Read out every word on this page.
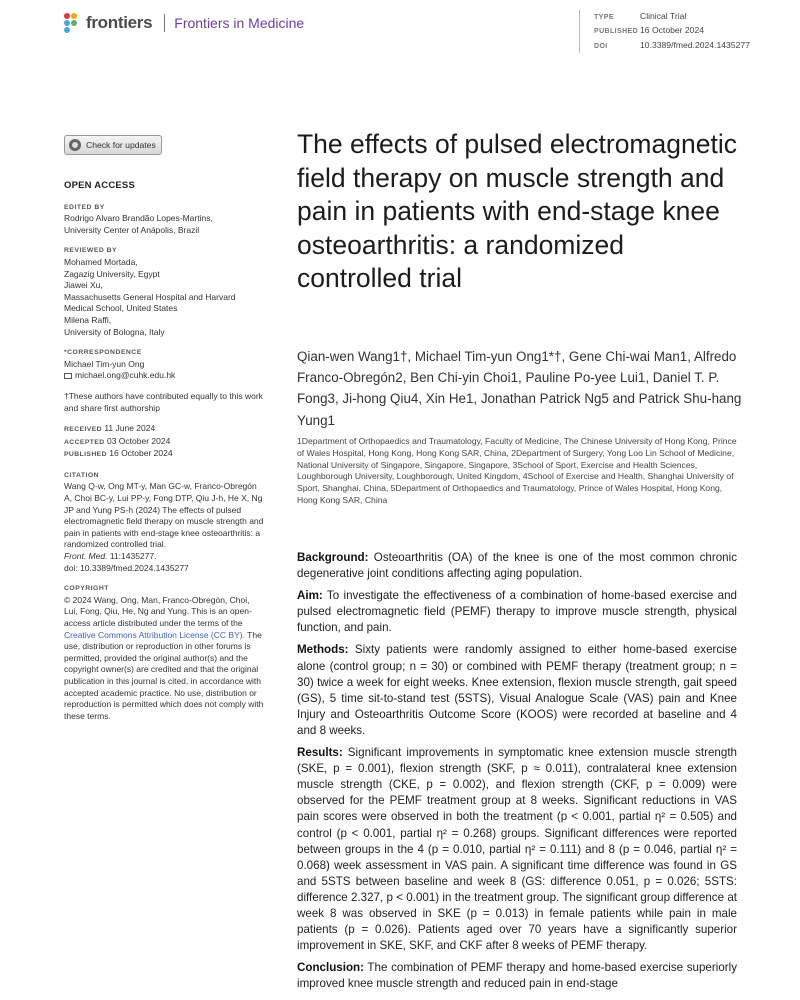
frontiers Frontiers in Medicine	TYPE	Clinical Trial
PUBLISHED 16 October 2024
DOI	10.3389/fmed.2024.1435277
Check for updates
OPEN ACCESS
EDITED BY

Rodrigo Alvaro Brandão Lopes-Martins,

University Center of Anápolis, Brazil

REVIEWED BY

Mohamed Mortada,

Zagazig University, Egypt

Jiawei Xu,

Massachusetts General Hospital and Harvard

Medical School, United States

Milena Raffi,

University of Bologna, Italy

*CORRESPONDENCE

Michael Tim-yun Ong

michael.ong@cuhk.edu.hk

†These authors have contributed equally to this work and share first authorship

RECEIVED 11 June 2024

ACCEPTED 03 October 2024

PUBLISHED 16 October 2024

CITATION

Wang Q-w, Ong MT-y, Man GC-w, Franco-Obregón A, Choi BC-y, Lui PP-y, Fong DTP, Qiu J-h, He X, Ng JP and Yung PS-h (2024) The effects of pulsed electromagnetic field therapy on muscle strength and pain in patients with end-stage knee osteoarthritis: a randomized controlled trial.

Front. Med. 11:1435277.

doi: 10.3389/fmed.2024.1435277

COPYRIGHT

© 2024 Wang, Ong, Man, Franco-Obregón, Choi, Lui, Fong, Qiu, He, Ng and Yung. This is an open-access article distributed under the terms of the Creative Commons Attribution License (CC BY). The use, distribution or reproduction in other forums is permitted, provided the original author(s) and the copyright owner(s) are credited and that the original publication in this journal is cited, in accordance with accepted academic practice. No use, distribution or reproduction is permitted which does not comply with these terms.

The effects of pulsed electromagnetic field therapy on muscle strength and pain in patients with end-stage knee osteoarthritis: a randomized controlled trial
Qian-wen Wang1†, Michael Tim-yun Ong1*†, Gene Chi-wai Man1, Alfredo Franco-Obregón2, Ben Chi-yin Choi1, Pauline Po-yee Lui1, Daniel T. P. Fong3, Ji-hong Qiu4, Xin He1, Jonathan Patrick Ng5 and Patrick Shu-hang Yung1
1Department of Orthopaedics and Traumatology, Faculty of Medicine, The Chinese University of Hong Kong, Prince of Wales Hospital, Hong Kong, Hong Kong SAR, China, 2Department of Surgery, Yong Loo Lin School of Medicine, National University of Singapore, Singapore, Singapore, 3School of Sport, Exercise and Health Sciences, Loughborough University, Loughborough, United Kingdom, 4School of Exercise and Health, Shanghai University of Sport, Shanghai, China, 5Department of Orthopaedics and Traumatology, Prince of Wales Hospital, Hong Kong, Hong Kong SAR, China

Background: Osteoarthritis (OA) of the knee is one of the most common chronic degenerative joint conditions affecting aging population.

Aim: To investigate the effectiveness of a combination of home-based exercise and pulsed electromagnetic field (PEMF) therapy to improve muscle strength, physical function, and pain.

Methods: Sixty patients were randomly assigned to either home-based exercise alone (control group; n = 30) or combined with PEMF therapy (treatment group; n = 30) twice a week for eight weeks. Knee extension, flexion muscle strength, gait speed (GS), 5 time sit-to-stand test (5STS), Visual Analogue Scale (VAS) pain and Knee Injury and Osteoarthritis Outcome Score (KOOS) were recorded at baseline and 4 and 8 weeks.

Results: Significant improvements in symptomatic knee extension muscle strength (SKE, p = 0.001), flexion strength (SKF, p ≈ 0.011), contralateral knee extension muscle strength (CKE, p = 0.002), and flexion strength (CKF, p = 0.009) were observed for the PEMF treatment group at 8 weeks. Significant reductions in VAS pain scores were observed in both the treatment (p < 0.001, partial η² = 0.505) and control (p < 0.001, partial η² = 0.268) groups. Significant differences were reported between groups in the 4 (p = 0.010, partial η² = 0.111) and 8 (p = 0.046, partial η² = 0.068) week assessment in VAS pain. A significant time difference was found in GS and 5STS between baseline and week 8 (GS: difference 0.051, p = 0.026; 5STS: difference 2.327, p < 0.001) in the treatment group. The significant group difference at week 8 was observed in SKE (p = 0.013) in female patients while pain in male patients (p = 0.026). Patients aged over 70 years have a significantly superior improvement in SKE, SKF, and CKF after 8 weeks of PEMF therapy.

Conclusion: The combination of PEMF therapy and home-based exercise superiorly improved knee muscle strength and reduced pain in end-stage
